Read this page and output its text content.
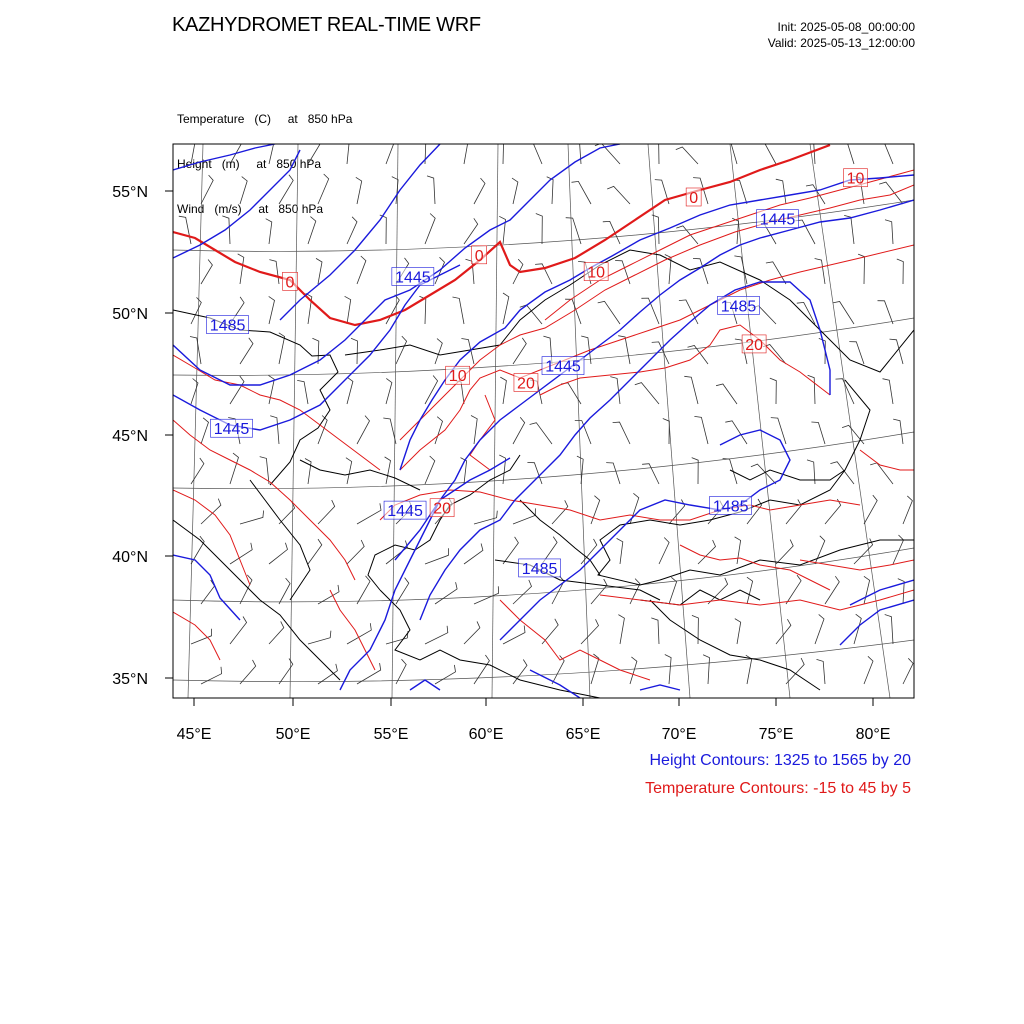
KAZHYDROMET REAL-TIME WRF	Init: 2025-05-08_00:00:00
Valid: 2025-05-13_12:00:00

Temperature   (C)     at   850 hPa

Height   (m)     at   850 hPa

Wind   (m/s)     at   850 hPa

1445
1445
1485
1485
1445
1445
1445	1485
1485
0
0
0
10
10
10	20
20
20
45°E	50°E	55°E	60°E	65°E	70°E	75°E	80°E
55°N
50°N
45°N
40°N
35°N
Height Contours: 1325 to 1565 by 20
Temperature Contours: -15 to 45 by 5
